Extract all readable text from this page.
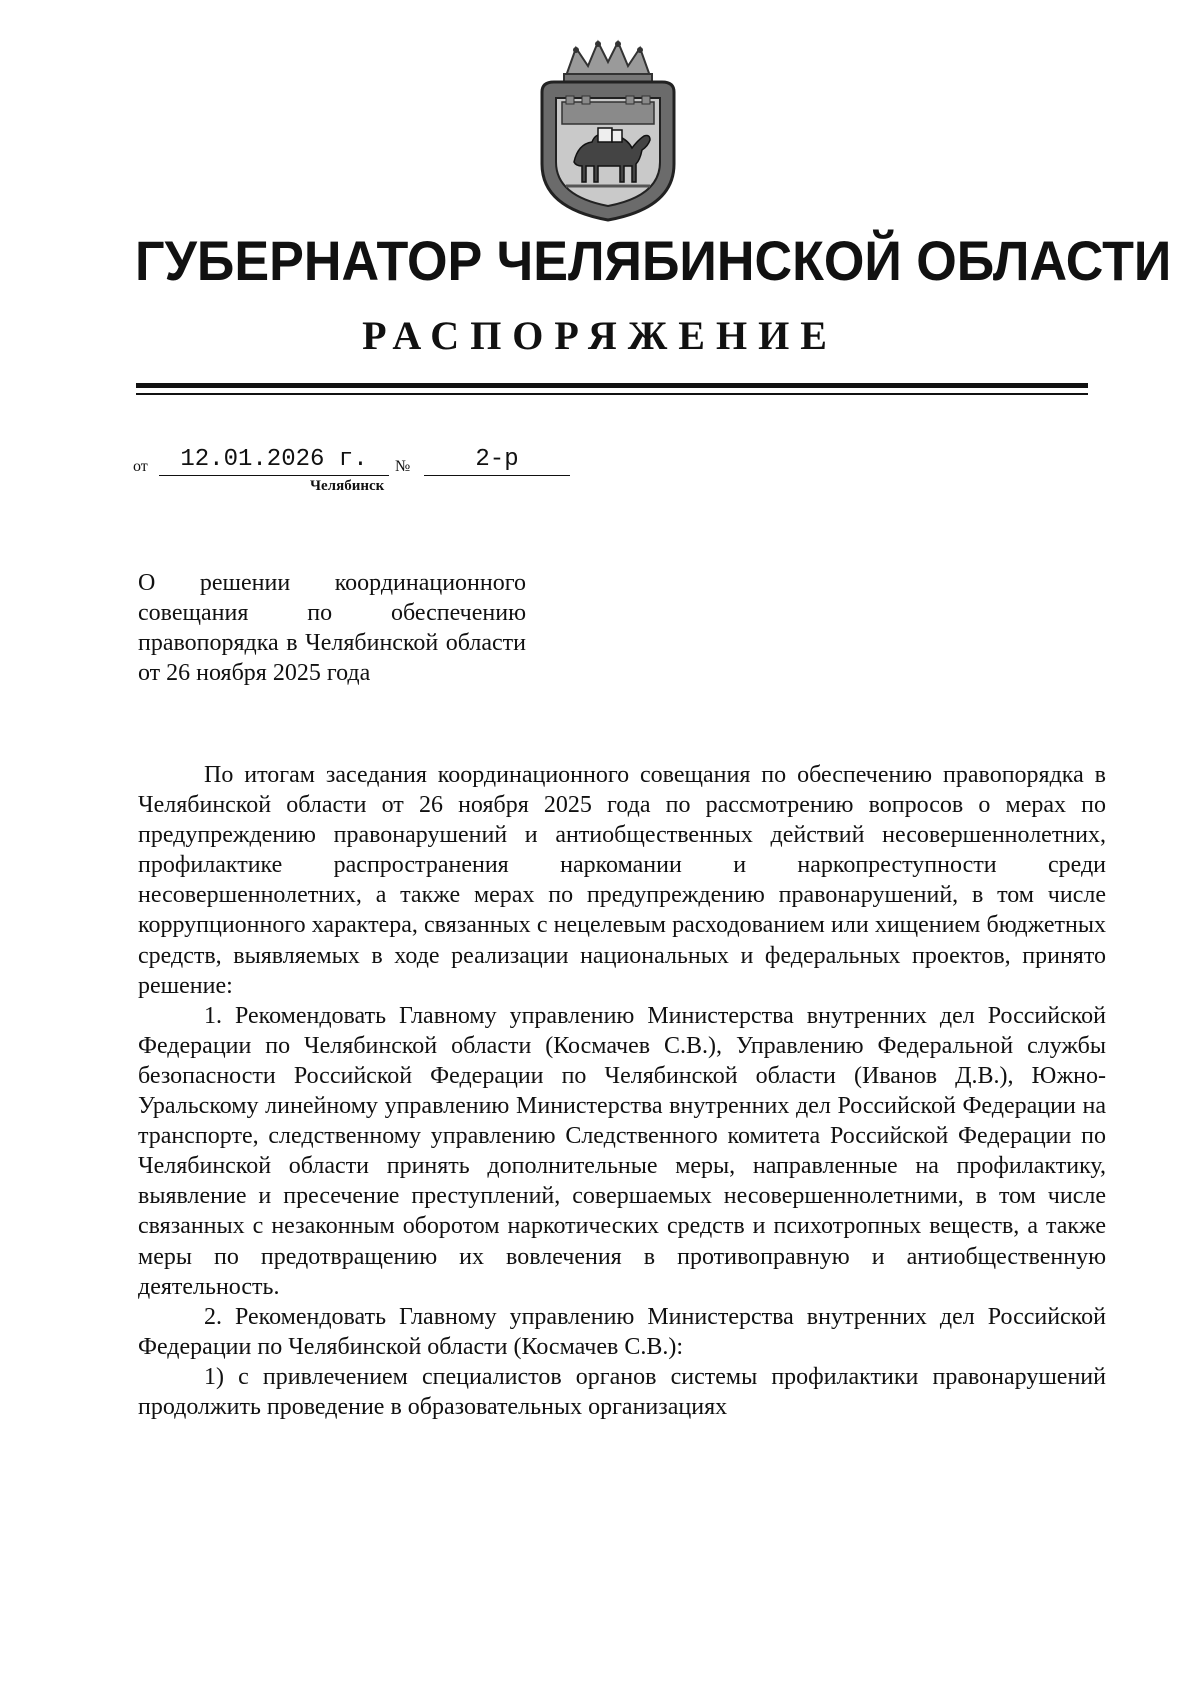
ГУБЕРНАТОР ЧЕЛЯБИНСКОЙ ОБЛАСТИ
РАСПОРЯЖЕНИЕ
от	12.01.2026 г.	№	2-р
Челябинск
О решении координационного совещания по обеспечению правопорядка в Челябинской области от 26 ноября 2025 года

По итогам заседания координационного совещания по обеспечению правопорядка в Челябинской области от 26 ноября 2025 года по рассмотрению вопросов о мерах по предупреждению правонарушений и антиобщественных действий несовершеннолетних, профилактике распространения наркомании и наркопреступности среди несовершеннолетних, а также мерах по предупреждению правонарушений, в том числе коррупционного характера, связанных с нецелевым расходованием или хищением бюджетных средств, выявляемых в ходе реализации национальных и федеральных проектов, принято решение:

1. Рекомендовать Главному управлению Министерства внутренних дел Российской Федерации по Челябинской области (Космачев С.В.), Управлению Федеральной службы безопасности Российской Федерации по Челябинской области (Иванов Д.В.), Южно-Уральскому линейному управлению Министерства внутренних дел Российской Федерации на транспорте, следственному управлению Следственного комитета Российской Федерации по Челябинской области принять дополнительные меры, направленные на профилактику, выявление и пресечение преступлений, совершаемых несовершеннолетними, в том числе связанных с незаконным оборотом наркотических средств и психотропных веществ, а также меры по предотвращению их вовлечения в противоправную и антиобщественную деятельность.

2. Рекомендовать Главному управлению Министерства внутренних дел Российской Федерации по Челябинской области (Космачев С.В.):

1) с привлечением специалистов органов системы профилактики правонарушений продолжить проведение в образовательных организациях
